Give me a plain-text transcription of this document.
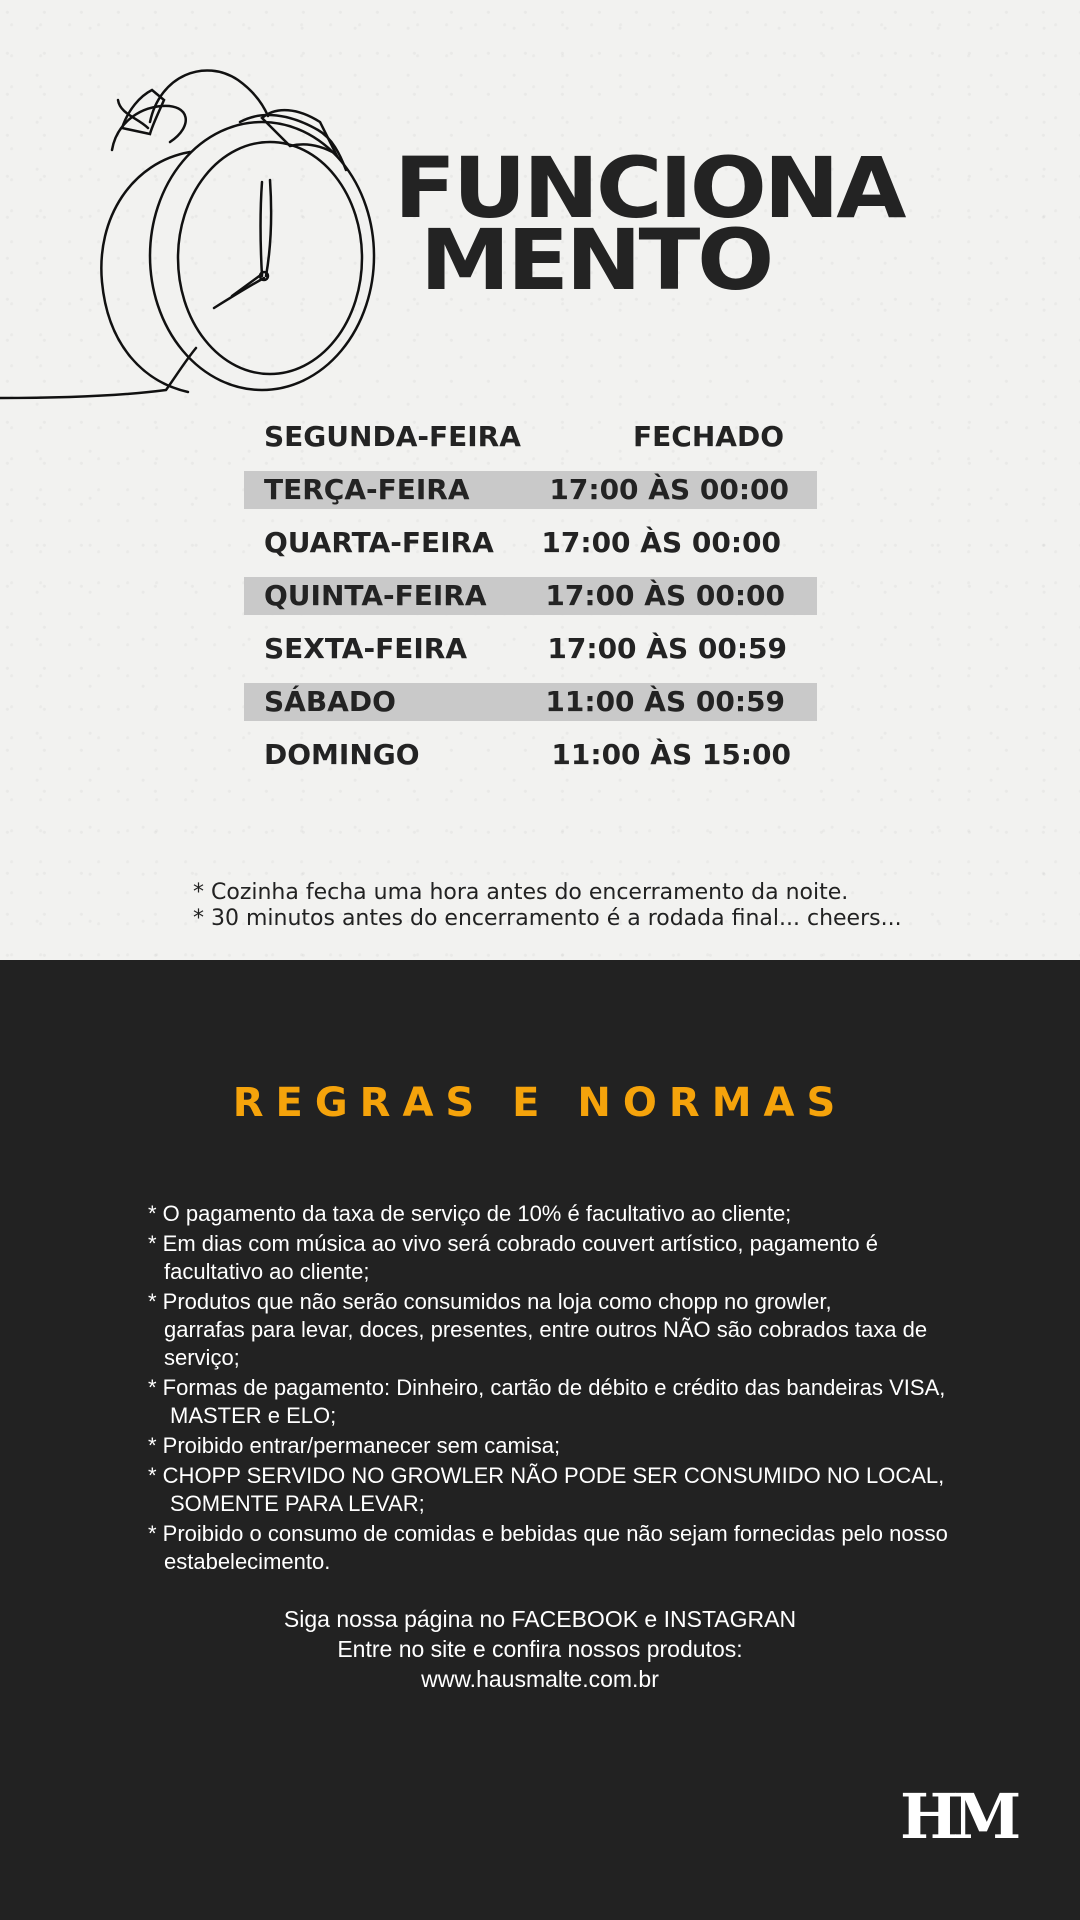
FUNCIONA
MENTO
SEGUNDA-FEIRA	FECHADO
TERÇA-FEIRA	17:00 ÀS 00:00
QUARTA-FEIRA 17:00 ÀS 00:00
QUINTA-FEIRA 17:00 ÀS 00:00
SEXTA-FEIRA	17:00 ÀS 00:59
SÁBADO	11:00 ÀS 00:59
DOMINGO	11:00 ÀS 15:00
* Cozinha fecha uma hora antes do encerramento da noite.
* 30 minutos antes do encerramento é a rodada final... cheers...
REGRAS E NORMAS
* O pagamento da taxa de serviço de 10% é facultativo ao cliente;
* Em dias com música ao vivo será cobrado couvert artístico, pagamento é
facultativo ao cliente;
* Produtos que não serão consumidos na loja como chopp no growler,
garrafas para levar, doces, presentes, entre outros NÃO são cobrados taxa de serviço;
* Formas de pagamento: Dinheiro, cartão de débito e crédito das bandeiras VISA,
MASTER e ELO;
* Proibido entrar/permanecer sem camisa;
* CHOPP SERVIDO NO GROWLER NÃO PODE SER CONSUMIDO NO LOCAL,
SOMENTE PARA LEVAR;
* Proibido o consumo de comidas e bebidas que não sejam fornecidas pelo nosso
estabelecimento.
Siga nossa página no FACEBOOK e INSTAGRAN
Entre no site e confira nossos produtos:
www.hausmalte.com.br
HM
